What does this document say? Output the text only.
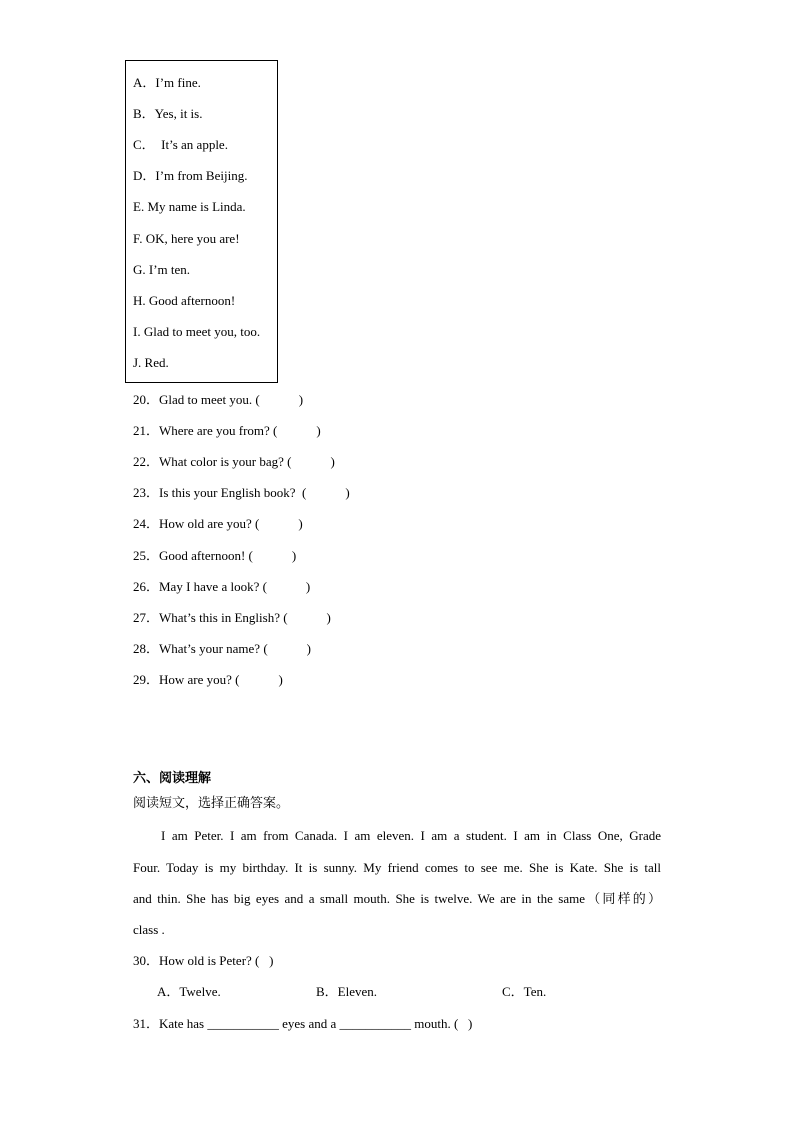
A．I’m fine.
B．Yes, it is.
C．  It’s an apple.
D．I’m from Beijing.
E. My name is Linda.
F. OK, here you are!
G. I’m ten.
H. Good afternoon!
I. Glad to meet you, too.
J. Red.
20．Glad to meet you. (            )
21．Where are you from? (            )
22．What color is your bag? (            )
23．Is this your English book?  (            )
24．How old are you? (            )
25．Good afternoon! (            )
26．May I have a look? (            )
27．What’s this in English? (            )
28．What’s your name? (            )
29．How are you? (            )
六、阅读理解
阅读短文，选择正确答案。
I am Peter. I am from Canada. I am eleven. I am a student. I am in Class One, Grade
Four. Today is my birthday. It is sunny. My friend comes to see me. She is Kate. She is tall
and thin. She has big eyes and a small mouth. She is twelve. We are in the same（同样的）
class .
30．How old is Peter? (   )
A．Twelve.	B．Eleven.	C．Ten.
31．Kate has ___________ eyes and a ___________ mouth. (   )
